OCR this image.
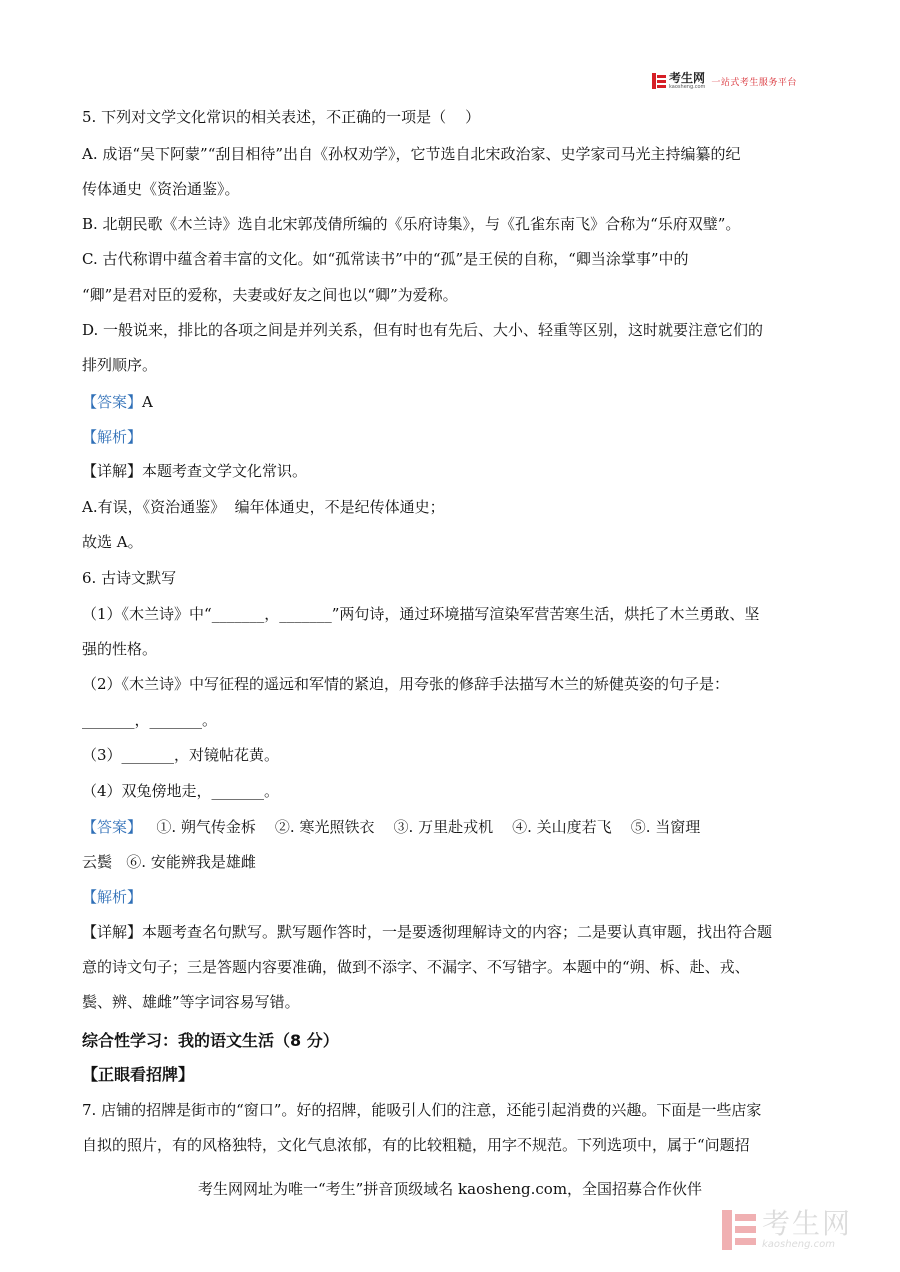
考生网
kaosheng.com 一站式考生服务平台
5. 下列对文学文化常识的相关表述，不正确的一项是（    ）
A. 成语“吴下阿蒙”“刮目相待”出自《孙权劝学》，它节选自北宋政治家、史学家司马光主持编纂的纪
传体通史《资治通鉴》。
B. 北朝民歌《木兰诗》选自北宋郭茂倩所编的《乐府诗集》，与《孔雀东南飞》合称为“乐府双璧”。
C. 古代称谓中蕴含着丰富的文化。如“孤常读书”中的“孤”是王侯的自称，“卿当涂掌事”中的
“卿”是君对臣的爱称，夫妻或好友之间也以“卿”为爱称。
D. 一般说来，排比的各项之间是并列关系，但有时也有先后、大小、轻重等区别，这时就要注意它们的
排列顺序。
【答案】A
【解析】
【详解】本题考查文学文化常识。
A.有误，《资治通鉴》  编年体通史，不是纪传体通史；
故选 A。
6. 古诗文默写
（1）《木兰诗》中“_______，_______”两句诗，通过环境描写渲染军营苦寒生活，烘托了木兰勇敢、坚
强的性格。
（2）《木兰诗》中写征程的遥远和军情的紧迫，用夸张的修辞手法描写木兰的矫健英姿的句子是：
_______，_______。
（3）_______，对镜帖花黄。
（4）双兔傍地走，_______。
【答案】   ①. 朔气传金柝    ②. 寒光照铁衣    ③. 万里赴戎机    ④. 关山度若飞    ⑤. 当窗理
云鬓   ⑥. 安能辨我是雄雌
【解析】
【详解】本题考查名句默写。默写题作答时，一是要透彻理解诗文的内容；二是要认真审题，找出符合题
意的诗文句子；三是答题内容要准确，做到不添字、不漏字、不写错字。本题中的“朔、柝、赴、戎、
鬓、辨、雄雌”等字词容易写错。
综合性学习：我的语文生活（8 分）
【正眼看招牌】
7. 店铺的招牌是街市的“窗口”。好的招牌，能吸引人们的注意，还能引起消费的兴趣。下面是一些店家
自拟的照片，有的风格独特，文化气息浓郁，有的比较粗糙，用字不规范。下列选项中，属于“问题招
考生网网址为唯一“考生”拼音顶级域名 kaosheng.com，全国招募合作伙伴
考生网
kaosheng.com
